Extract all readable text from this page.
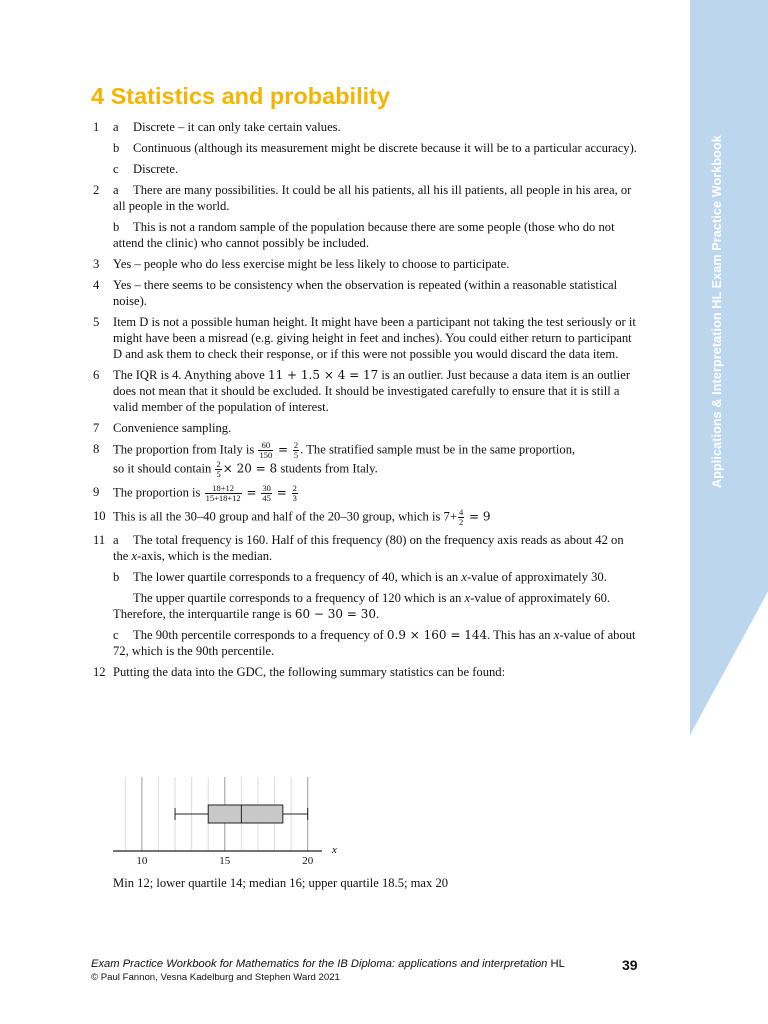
Applications & Interpretation HL Exam Practice Workbook
4 Statistics and probability

1 a Discrete – it can only take certain values.

b Continuous (although its measurement might be discrete because it will be to a particular accuracy).

c Discrete.

2 a There are many possibilities. It could be all his patients, all his ill patients, all people in his area, or all people in the world.

b This is not a random sample of the population because there are some people (those who do not attend the clinic) who cannot possibly be included.

3 Yes – people who do less exercise might be less likely to choose to participate.

4 Yes – there seems to be consistency when the observation is repeated (within a reasonable statistical noise).

5 Item D is not a possible human height. It might have been a participant not taking the test seriously or it might have been a misread (e.g. giving height in feet and inches). You could either return to participant D and ask them to check their response, or if this were not possible you would discard the data item.

6 The IQR is 4. Anything above 11 + 1.5 × 4 = 17 is an outlier. Just because a data item is an outlier does not mean that it should be excluded. It should be investigated carefully to ensure that it is still a valid member of the population of interest.

7 Convenience sampling.

8 The proportion from Italy is $\frac{60}{150} = \frac{2}{5}$ . The stratified sample must be in the same proportion,
so it should contain $\frac{2}{5} \times 20 = 8$ students from Italy.

9 The proportion is $\frac{18+12}{15+18+12} = \frac{30}{45} = \frac{2}{3}$

10 This is all the 30–40 group and half of the 20–30 group, which is $7+ \frac{4}{2} = 9$

11 a The total frequency is 160. Half of this frequency (80) on the frequency axis reads as about 42 on the x-axis, which is the median.

b The lower quartile corresponds to a frequency of 40, which is an x-value of approximately 30.

The upper quartile corresponds to a frequency of 120 which is an x-value of approximately 60. Therefore, the interquartile range is 60 − 30 = 30.

c The 90th percentile corresponds to a frequency of 0.9 × 160 = 144. This has an x-value of about 72, which is the 90th percentile.

12 Putting the data into the GDC, the following summary statistics can be found:

10	15	20
x
Min 12; lower quartile 14; median 16; upper quartile 18.5; max 20
Exam Practice Workbook for Mathematics for the IB Diploma: applications and interpretation HL
© Paul Fannon, Vesna Kadelburg and Stephen Ward 2021
39
